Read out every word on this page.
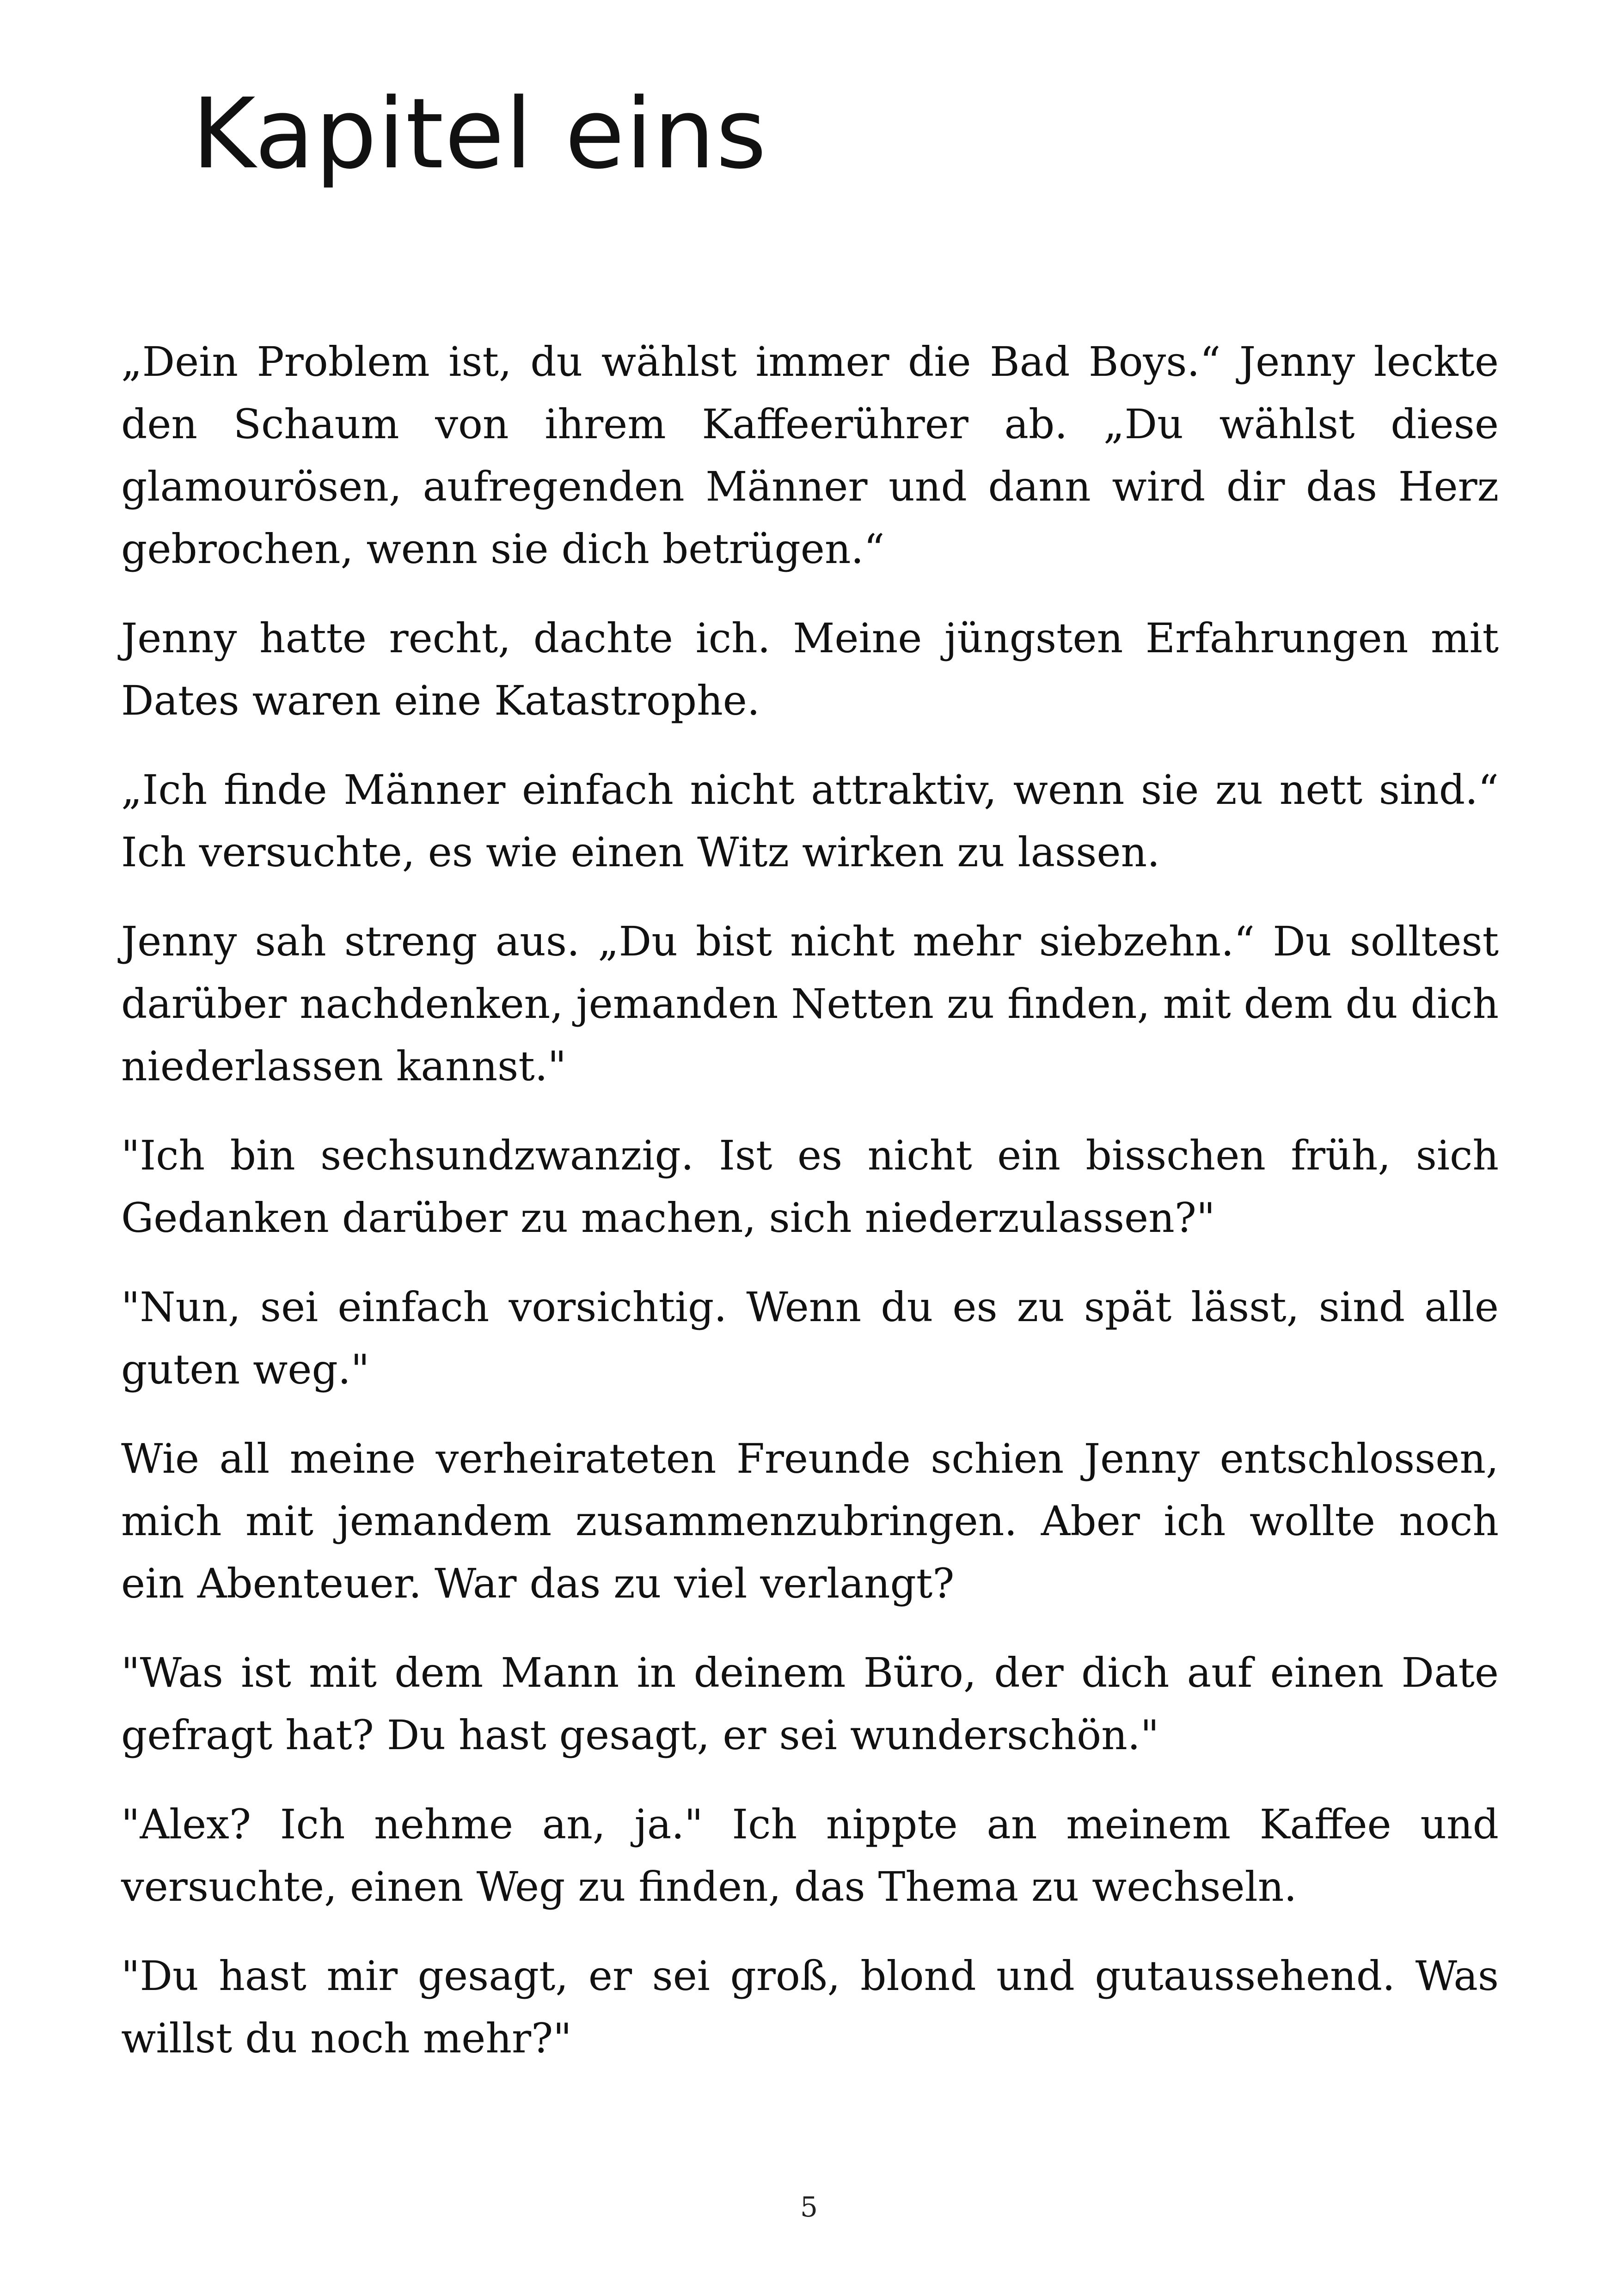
Kapitel eins

„Dein Problem ist, du wählst immer die Bad Boys.“ Jenny leckte den Schaum von ihrem Kaffeerührer ab. „Du wählst diese glamourösen, aufregenden Männer und dann wird dir das Herz gebrochen, wenn sie dich betrügen.“

Jenny hatte recht, dachte ich. Meine jüngsten Erfahrungen mit Dates waren eine Katastrophe.

„Ich finde Männer einfach nicht attraktiv, wenn sie zu nett sind.“ Ich versuchte, es wie einen Witz wirken zu lassen.

Jenny sah streng aus. „Du bist nicht mehr siebzehn.“ Du solltest darüber nachdenken, jemanden Netten zu finden, mit dem du dich niederlassen kannst."

"Ich bin sechsundzwanzig. Ist es nicht ein bisschen früh, sich Gedanken darüber zu machen, sich niederzulassen?"

"Nun, sei einfach vorsichtig. Wenn du es zu spät lässt, sind alle guten weg."

Wie all meine verheirateten Freunde schien Jenny entschlossen, mich mit jemandem zusammenzubringen. Aber ich wollte noch ein Abenteuer. War das zu viel verlangt?

"Was ist mit dem Mann in deinem Büro, der dich auf einen Date gefragt hat? Du hast gesagt, er sei wunderschön."

"Alex? Ich nehme an, ja." Ich nippte an meinem Kaffee und versuchte, einen Weg zu finden, das Thema zu wechseln.

"Du hast mir gesagt, er sei groß, blond und gutaussehend. Was willst du noch mehr?"

5
